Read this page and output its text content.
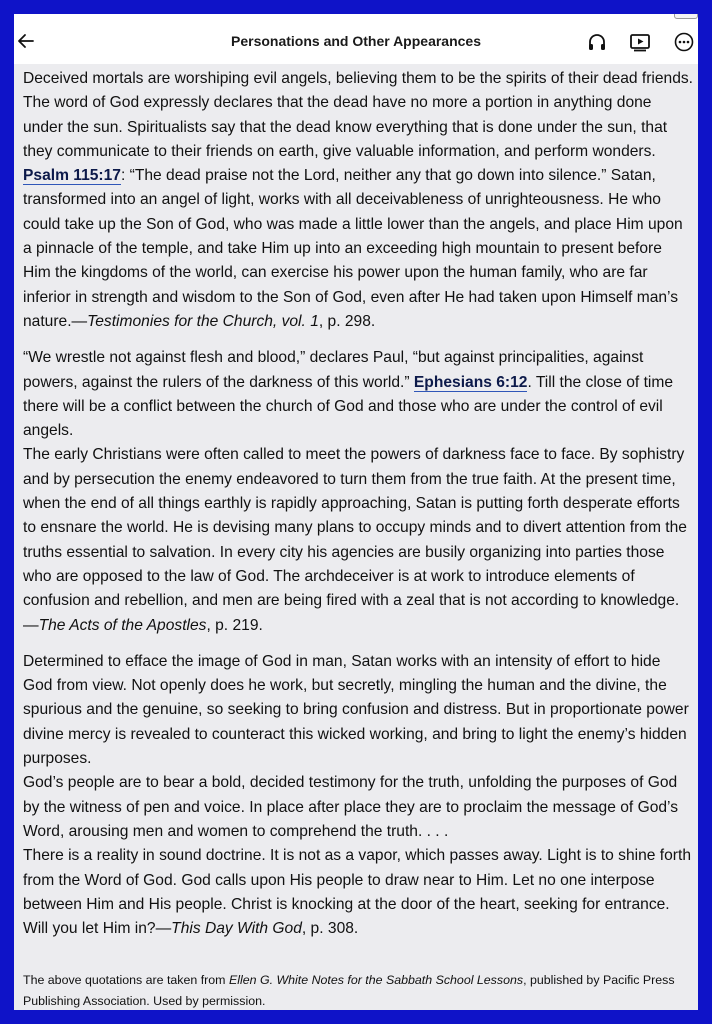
Personations and Other Appearances

Deceived mortals are worshiping evil angels, believing them to be the spirits of their dead friends. The word of God expressly declares that the dead have no more a portion in anything done under the sun. Spiritualists say that the dead know everything that is done under the sun, that they communicate to their friends on earth, give valuable information, and perform wonders. Psalm 115:17: “The dead praise not the Lord, neither any that go down into silence.” Satan, transformed into an angel of light, works with all deceivableness of unrighteousness. He who could take up the Son of God, who was made a little lower than the angels, and place Him upon a pinnacle of the temple, and take Him up into an exceeding high mountain to present before Him the kingdoms of the world, can exercise his power upon the human family, who are far inferior in strength and wisdom to the Son of God, even after He had taken upon Himself man’s nature.—Testimonies for the Church, vol. 1, p. 298.

“We wrestle not against flesh and blood,” declares Paul, “but against principalities, against powers, against the rulers of the darkness of this world.” Ephesians 6:12. Till the close of time there will be a conflict between the church of God and those who are under the control of evil angels.
The early Christians were often called to meet the powers of darkness face to face. By sophistry and by persecution the enemy endeavored to turn them from the true faith. At the present time, when the end of all things earthly is rapidly approaching, Satan is putting forth desperate efforts to ensnare the world. He is devising many plans to occupy minds and to divert attention from the truths essential to salvation. In every city his agencies are busily organizing into parties those who are opposed to the law of God. The archdeceiver is at work to introduce elements of confusion and rebellion, and men are being fired with a zeal that is not according to knowledge.—The Acts of the Apostles, p. 219.

Determined to efface the image of God in man, Satan works with an intensity of effort to hide God from view. Not openly does he work, but secretly, mingling the human and the divine, the spurious and the genuine, so seeking to bring confusion and distress. But in proportionate power divine mercy is revealed to counteract this wicked working, and bring to light the enemy’s hidden purposes.
God’s people are to bear a bold, decided testimony for the truth, unfolding the purposes of God by the witness of pen and voice. In place after place they are to proclaim the message of God’s Word, arousing men and women to comprehend the truth. . . .
There is a reality in sound doctrine. It is not as a vapor, which passes away. Light is to shine forth from the Word of God. God calls upon His people to draw near to Him. Let no one interpose between Him and His people. Christ is knocking at the door of the heart, seeking for entrance. Will you let Him in?—This Day With God, p. 308.

The above quotations are taken from Ellen G. White Notes for the Sabbath School Lessons, published by Pacific Press Publishing Association. Used by permission.
